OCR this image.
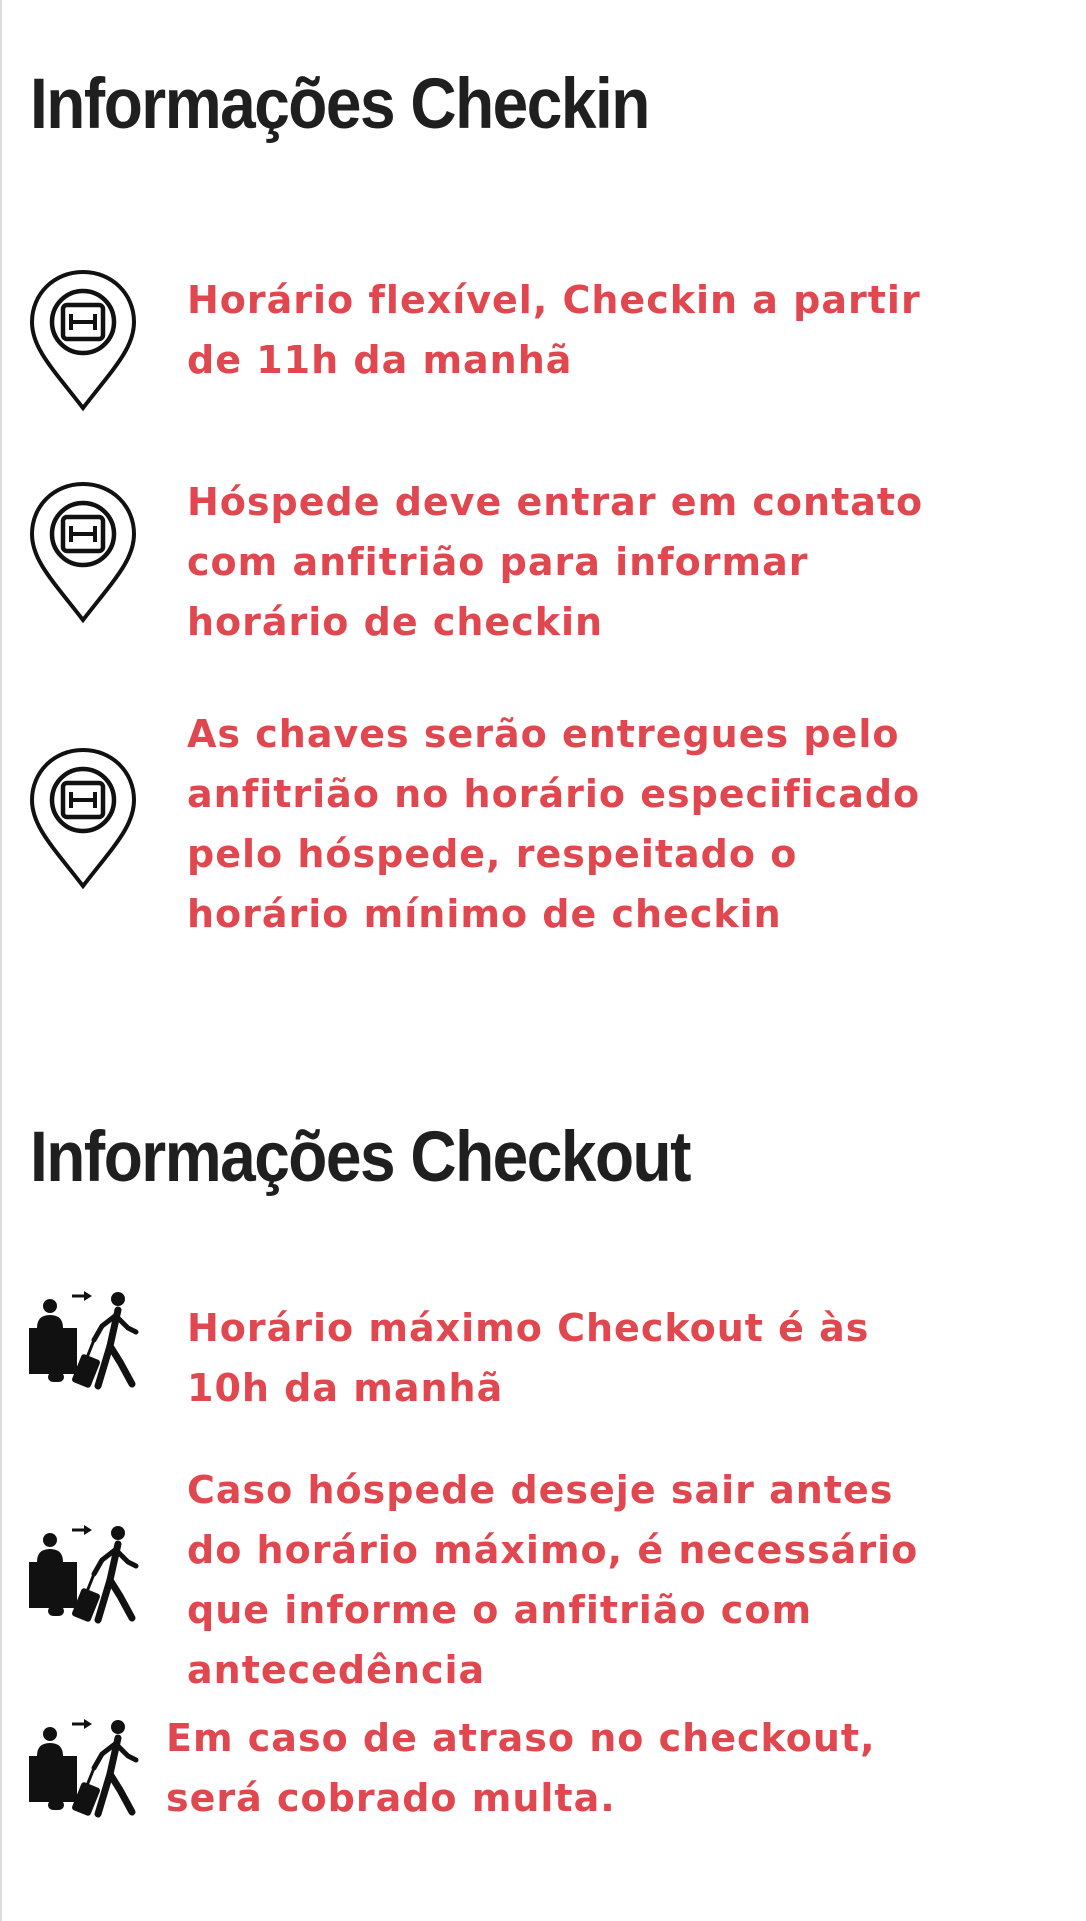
Informações Checkin

Horário flexível, Checkin a partir
de 11h da manhã

Hóspede deve entrar em contato
com anfitrião para informar
horário de checkin

As chaves serão entregues pelo
anfitrião no horário especificado
pelo hóspede, respeitado o
horário mínimo de checkin

Informações Checkout

Horário máximo Checkout é às
10h da manhã

Caso hóspede deseje sair antes
do horário máximo, é necessário
que informe o anfitrião com
antecedência

Em caso de atraso no checkout,
será cobrado multa.
